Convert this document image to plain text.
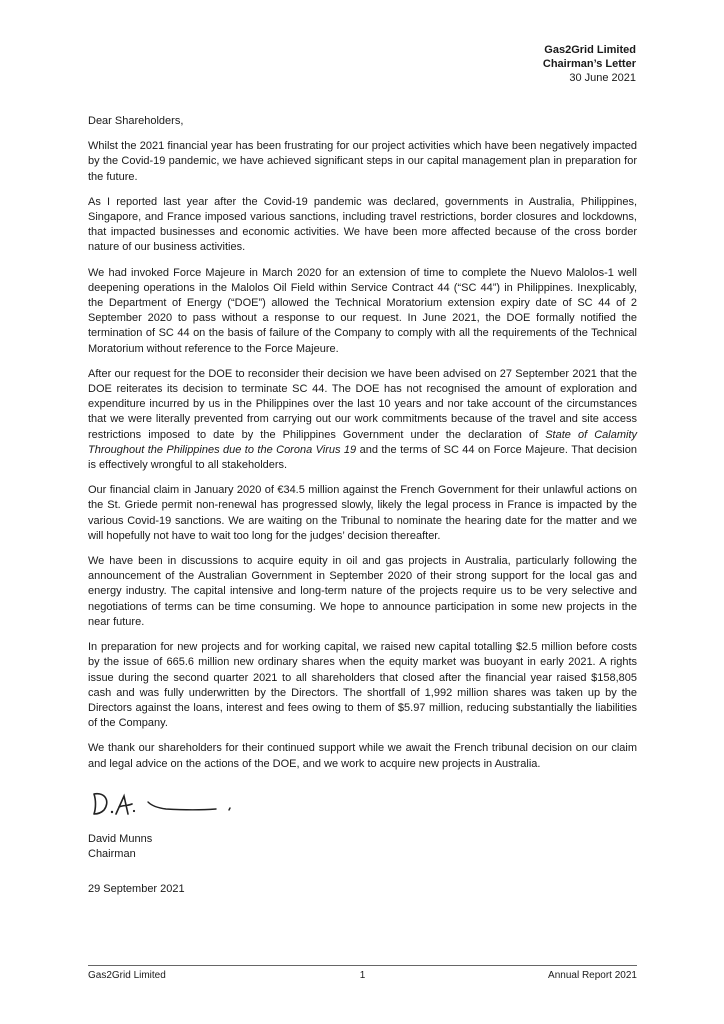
Gas2Grid Limited
Chairman’s Letter
30 June 2021

Dear Shareholders,

Whilst the 2021 financial year has been frustrating for our project activities which have been negatively impacted by the Covid-19 pandemic, we have achieved significant steps in our capital management plan in preparation for the future.

As I reported last year after the Covid-19 pandemic was declared, governments in Australia, Philippines, Singapore, and France imposed various sanctions, including travel restrictions, border closures and lockdowns, that impacted businesses and economic activities. We have been more affected because of the cross border nature of our business activities.

We had invoked Force Majeure in March 2020 for an extension of time to complete the Nuevo Malolos-1 well deepening operations in the Malolos Oil Field within Service Contract 44 (“SC 44”) in Philippines. Inexplicably, the Department of Energy (“DOE”) allowed the Technical Moratorium extension expiry date of SC 44 of 2 September 2020 to pass without a response to our request. In June 2021, the DOE formally notified the termination of SC 44 on the basis of failure of the Company to comply with all the requirements of the Technical Moratorium without reference to the Force Majeure.

After our request for the DOE to reconsider their decision we have been advised on 27 September 2021 that the DOE reiterates its decision to terminate SC 44. The DOE has not recognised the amount of exploration and expenditure incurred by us in the Philippines over the last 10 years and nor take account of the circumstances that we were literally prevented from carrying out our work commitments because of the travel and site access restrictions imposed to date by the Philippines Government under the declaration of State of Calamity Throughout the Philippines due to the Corona Virus 19 and the terms of SC 44 on Force Majeure. That decision is effectively wrongful to all stakeholders.

Our financial claim in January 2020 of €34.5 million against the French Government for their unlawful actions on the St. Griede permit non-renewal has progressed slowly, likely the legal process in France is impacted by the various Covid-19 sanctions. We are waiting on the Tribunal to nominate the hearing date for the matter and we will hopefully not have to wait too long for the judges’ decision thereafter.

We have been in discussions to acquire equity in oil and gas projects in Australia, particularly following the announcement of the Australian Government in September 2020 of their strong support for the local gas and energy industry. The capital intensive and long-term nature of the projects require us to be very selective and negotiations of terms can be time consuming. We hope to announce participation in some new projects in the near future.

In preparation for new projects and for working capital, we raised new capital totalling $2.5 million before costs by the issue of 665.6 million new ordinary shares when the equity market was buoyant in early 2021. A rights issue during the second quarter 2021 to all shareholders that closed after the financial year raised $158,805 cash and was fully underwritten by the Directors. The shortfall of 1,992 million shares was taken up by the Directors against the loans, interest and fees owing to them of $5.97 million, reducing substantially the liabilities of the Company.

We thank our shareholders for their continued support while we await the French tribunal decision on our claim and legal advice on the actions of the DOE, and we work to acquire new projects in Australia.

David Munns
Chairman

29 September 2021

Gas2Grid Limited	1	Annual Report 2021
